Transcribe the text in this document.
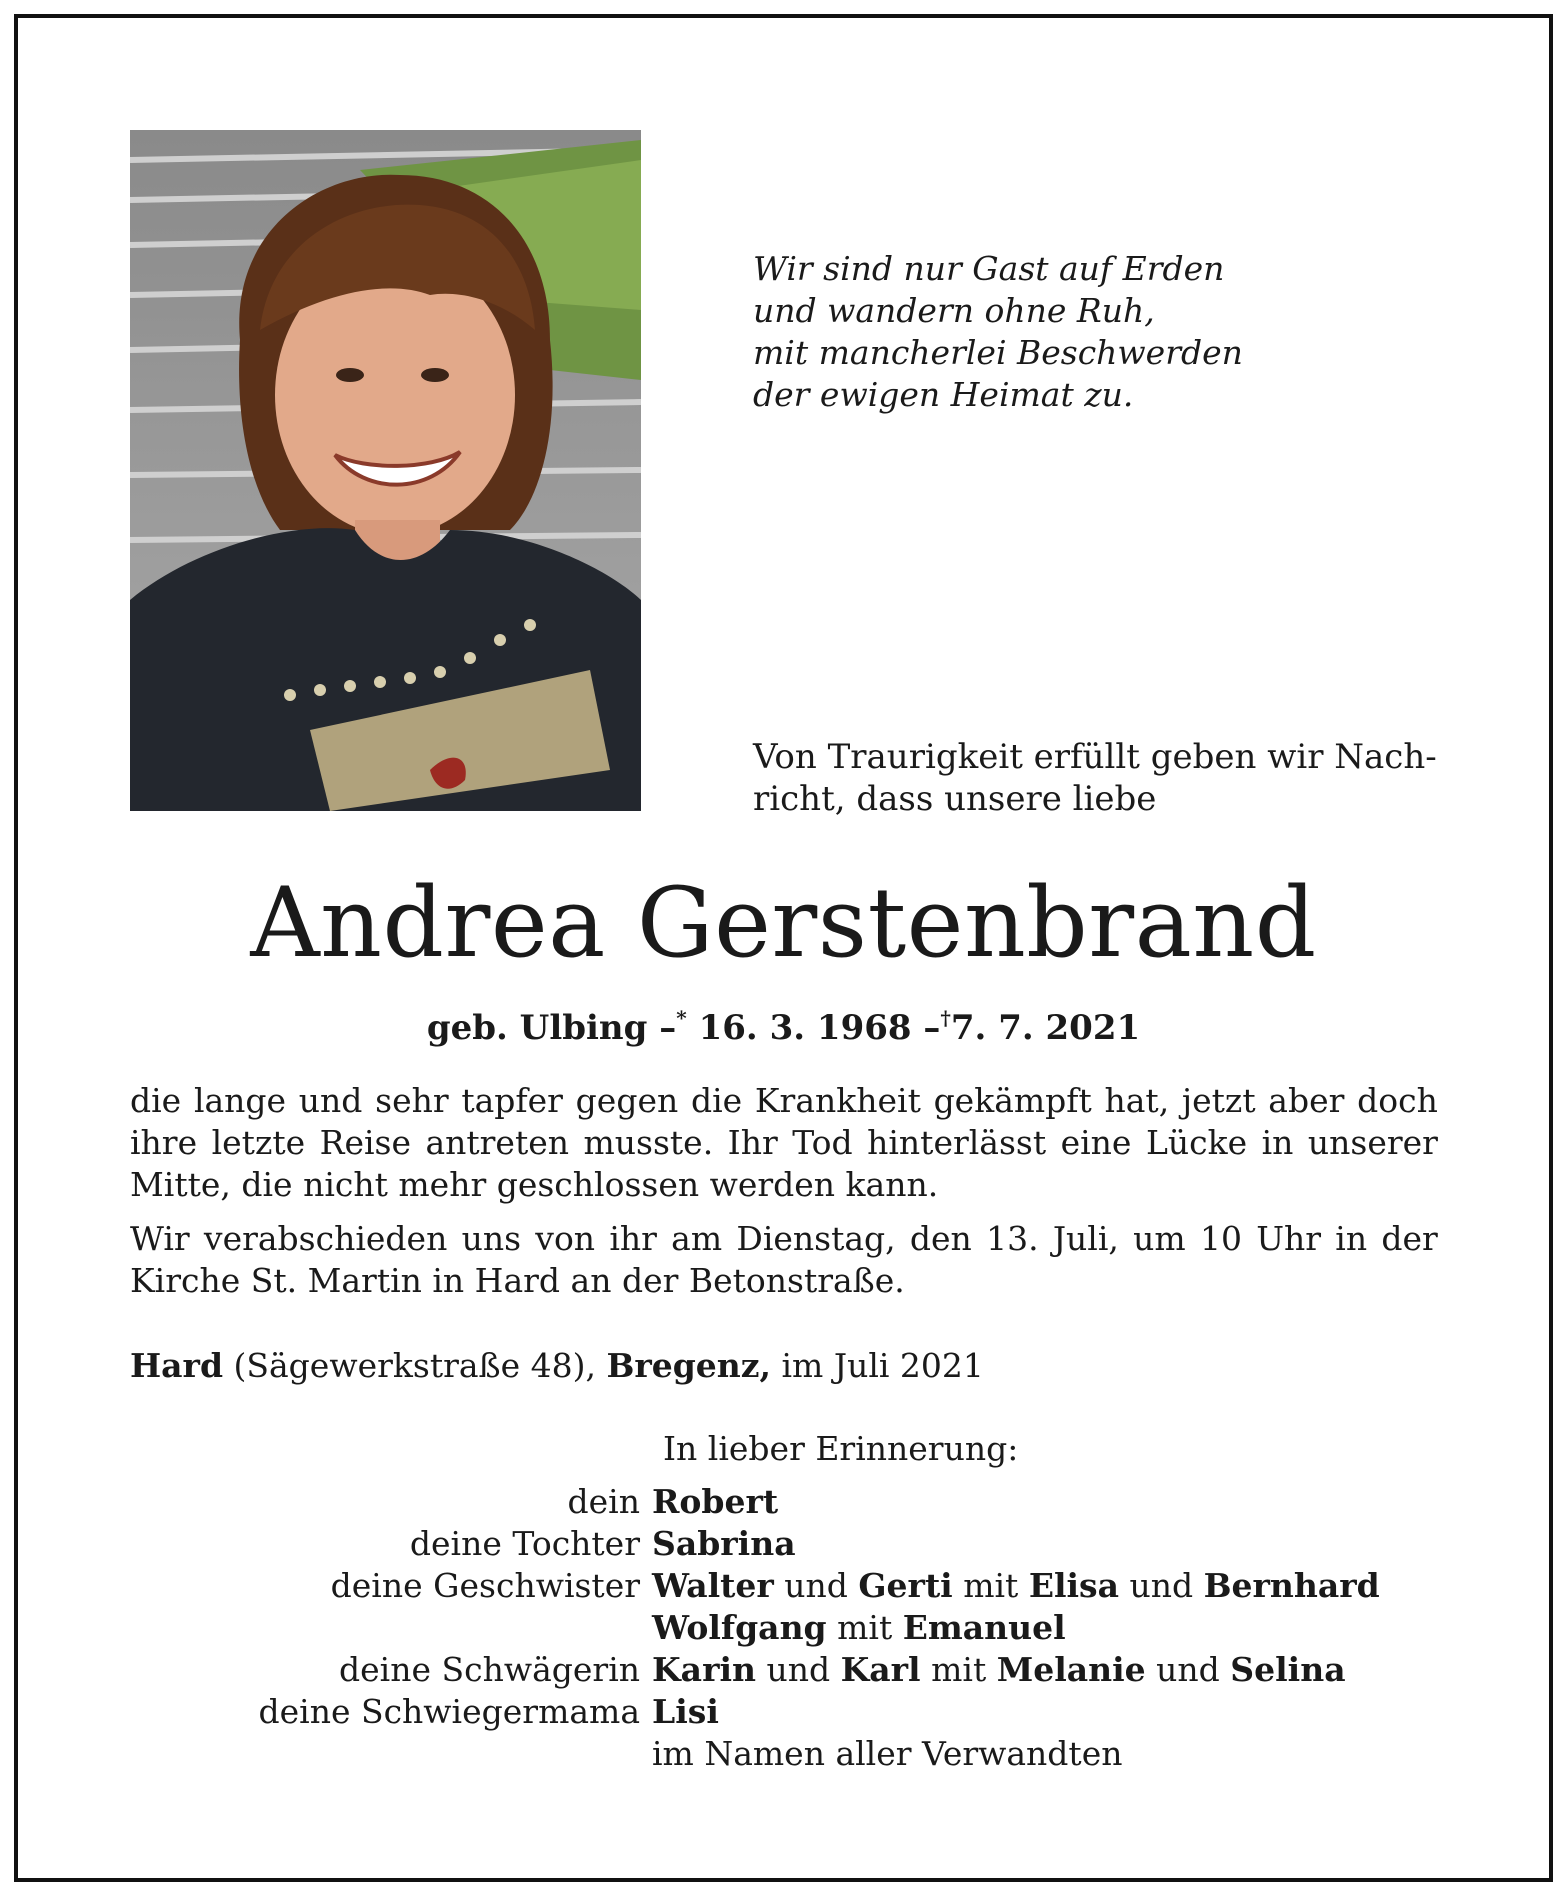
Wir sind nur Gast auf Erden
und wandern ohne Ruh,
mit mancherlei Beschwerden
der ewigen Heimat zu.
Von Traurigkeit erfüllt geben wir Nach-
richt, dass unsere liebe
Andrea Gerstenbrand
geb. Ulbing –* 16. 3. 1968 –†7. 7. 2021
die lange und sehr tapfer gegen die Krankheit gekämpft hat, jetzt aber doch
ihre letzte Reise antreten musste. Ihr Tod hinterlässt eine Lücke in unserer
Mitte, die nicht mehr geschlossen werden kann.
Wir verabschieden uns von ihr am Dienstag, den 13. Juli, um 10 Uhr in der
Kirche St. Martin in Hard an der Betonstraße.
Hard (Sägewerkstraße 48), Bregenz, im Juli 2021
In lieber Erinnerung:
dein Robert
deine Tochter Sabrina
deine Geschwister Walter und Gerti mit Elisa und Bernhard
Wolfgang mit Emanuel
deine Schwägerin Karin und Karl mit Melanie und Selina
deine Schwiegermama Lisi
im Namen aller Verwandten
